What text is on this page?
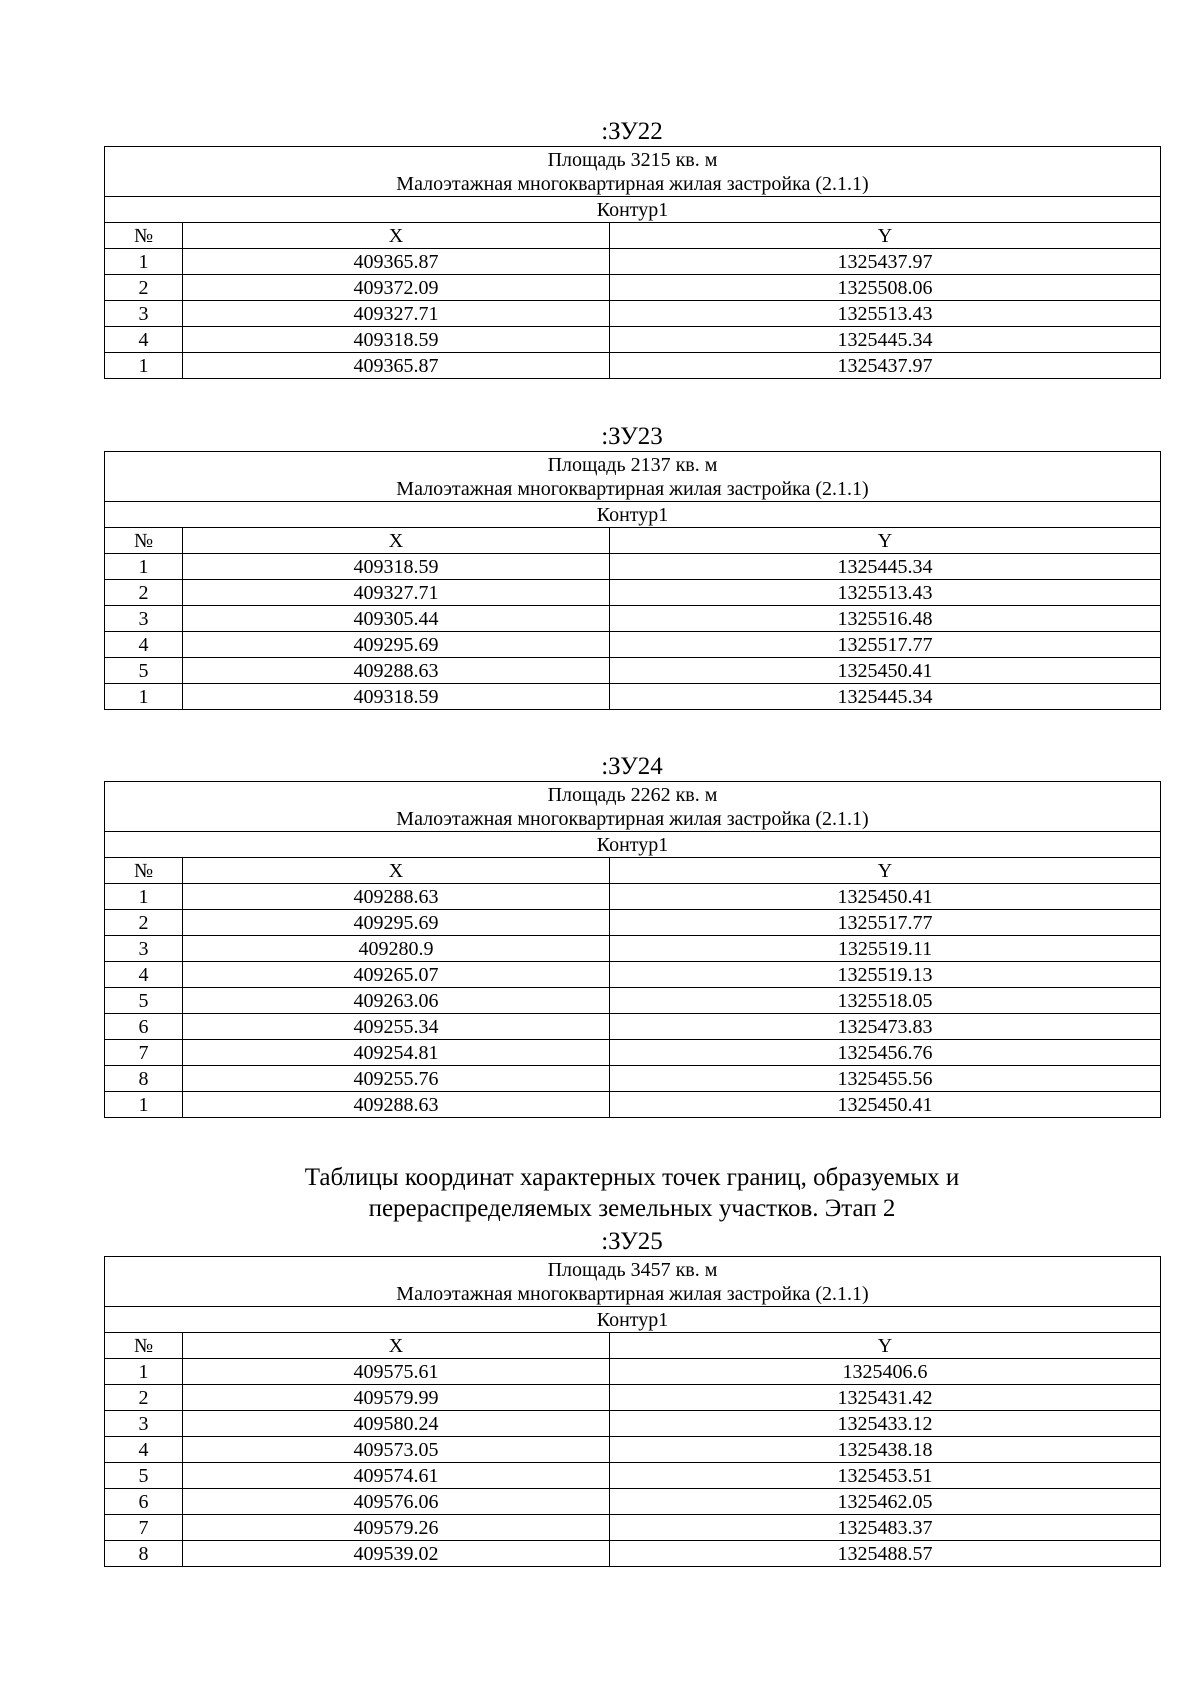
:ЗУ22
Площадь 3215 кв. м
Малоэтажная многоквартирная жилая застройка (2.1.1)		

Контур1		
№	X	Y
1	409365.87	1325437.97
2	409372.09	1325508.06
3	409327.71	1325513.43
4	409318.59	1325445.34
1	409365.87	1325437.97
:ЗУ23
Площадь 2137 кв. м
Малоэтажная многоквартирная жилая застройка (2.1.1)		

Контур1		
№	X	Y
1	409318.59	1325445.34
2	409327.71	1325513.43
3	409305.44	1325516.48
4	409295.69	1325517.77
5	409288.63	1325450.41
1	409318.59	1325445.34
:ЗУ24
Площадь 2262 кв. м
Малоэтажная многоквартирная жилая застройка (2.1.1)		

Контур1		
№	X	Y
1	409288.63	1325450.41
2	409295.69	1325517.77
3	409280.9	1325519.11
4	409265.07	1325519.13
5	409263.06	1325518.05
6	409255.34	1325473.83
7	409254.81	1325456.76
8	409255.76	1325455.56
1	409288.63	1325450.41
Таблицы координат характерных точек границ, образуемых и
перераспределяемых земельных участков. Этап 2
:ЗУ25
Площадь 3457 кв. м
Малоэтажная многоквартирная жилая застройка (2.1.1)		

Контур1		
№	X	Y
1	409575.61	1325406.6
2	409579.99	1325431.42
3	409580.24	1325433.12
4	409573.05	1325438.18
5	409574.61	1325453.51
6	409576.06	1325462.05
7	409579.26	1325483.37
8	409539.02	1325488.57
